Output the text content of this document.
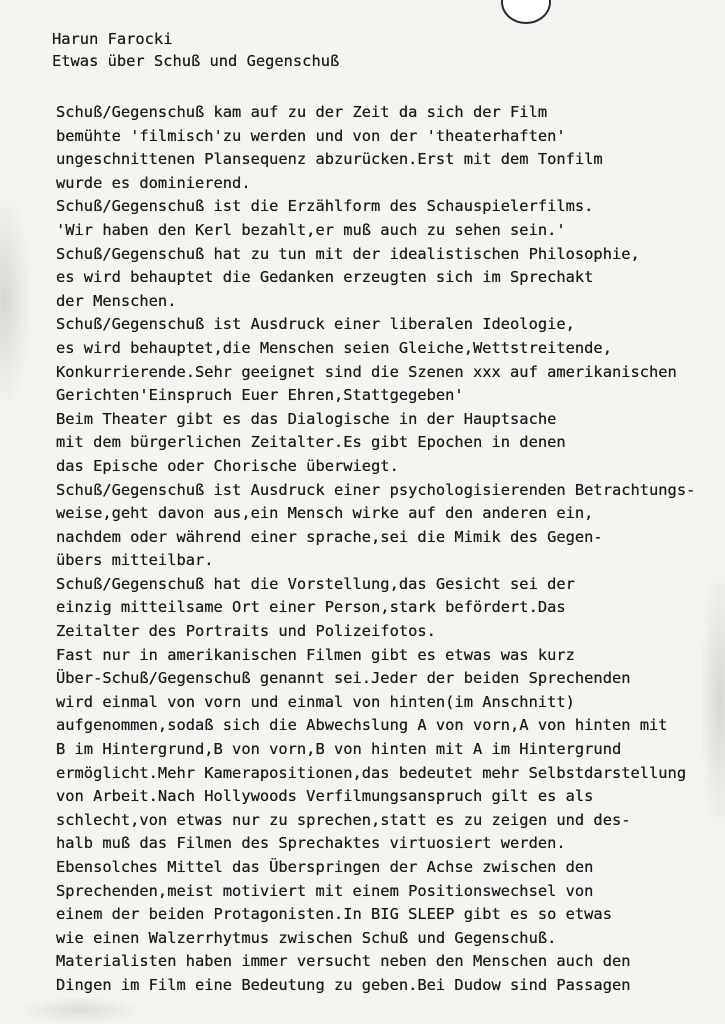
Harun Farocki
Etwas über Schuß und Gegenschuß
Schuß/Gegenschuß kam auf zu der Zeit da sich der Film
bemühte 'filmisch'zu werden und von der 'theaterhaften'
ungeschnittenen Plansequenz abzurücken.Erst mit dem Tonfilm
wurde es dominierend.
Schuß/Gegenschuß ist die Erzählform des Schauspielerfilms.
'Wir haben den Kerl bezahlt,er muß auch zu sehen sein.'
Schuß/Gegenschuß hat zu tun mit der idealistischen Philosophie,
es wird behauptet die Gedanken erzeugten sich im Sprechakt
der Menschen.
Schuß/Gegenschuß ist Ausdruck einer liberalen Ideologie,
es wird behauptet,die Menschen seien Gleiche,Wettstreitende,
Konkurrierende.Sehr geeignet sind die Szenen xxx auf amerikanischen
Gerichten'Einspruch Euer Ehren,Stattgegeben'
Beim Theater gibt es das Dialogische in der Hauptsache
mit dem bürgerlichen Zeitalter.Es gibt Epochen in denen
das Epische oder Chorische überwiegt.
Schuß/Gegenschuß ist Ausdruck einer psychologisierenden Betrachtungs-
weise,geht davon aus,ein Mensch wirke auf den anderen ein,
nachdem oder während einer sprache,sei die Mimik des Gegen-
übers mitteilbar.
Schuß/Gegenschuß hat die Vorstellung,das Gesicht sei der
einzig mitteilsame Ort einer Person,stark befördert.Das
Zeitalter des Portraits und Polizeifotos.
Fast nur in amerikanischen Filmen gibt es etwas was kurz
Über-Schuß/Gegenschuß genannt sei.Jeder der beiden Sprechenden
wird einmal von vorn und einmal von hinten(im Anschnitt)
aufgenommen,sodaß sich die Abwechslung A von vorn,A von hinten mit
B im Hintergrund,B von vorn,B von hinten mit A im Hintergrund
ermöglicht.Mehr Kamerapositionen,das bedeutet mehr Selbstdarstellung
von Arbeit.Nach Hollywoods Verfilmungsanspruch gilt es als
schlecht,von etwas nur zu sprechen,statt es zu zeigen und des-
halb muß das Filmen des Sprechaktes virtuosiert werden.
Ebensolches Mittel das Überspringen der Achse zwischen den
Sprechenden,meist motiviert mit einem Positionswechsel von
einem der beiden Protagonisten.In BIG SLEEP gibt es so etwas
wie einen Walzerrhytmus zwischen Schuß und Gegenschuß.
Materialisten haben immer versucht neben den Menschen auch den
Dingen im Film eine Bedeutung zu geben.Bei Dudow sind Passagen
